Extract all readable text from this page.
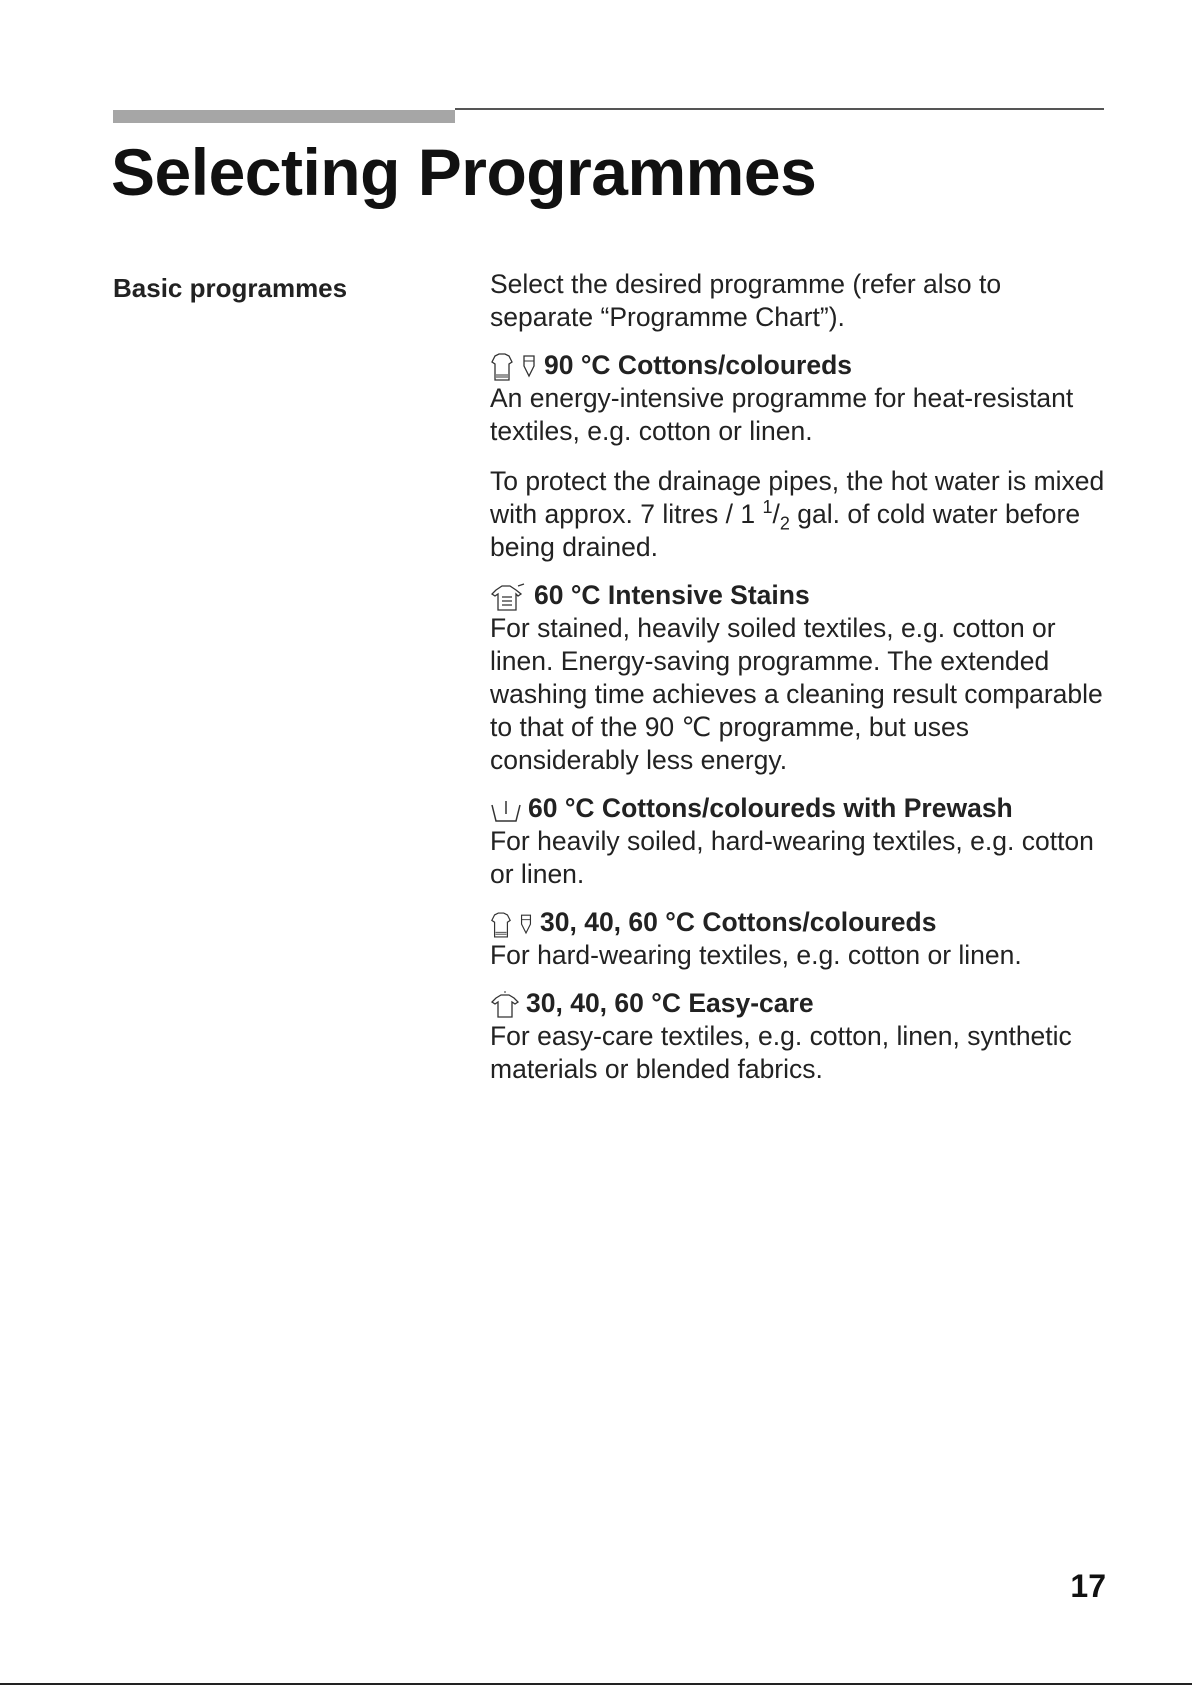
Selecting Programmes
Basic programmes	Select the desired programme (refer also to separate “Programme Chart”).

90 °C Cottons/coloureds

An energy-intensive programme for heat-resistant textiles, e.g. cotton or linen.

To protect the drainage pipes, the hot water is mixed with approx. 7 litres / 1 $^1/_2$ gal. of cold water before being drained.

60 °C Intensive Stains

For stained, heavily soiled textiles, e.g. cotton or linen. Energy-saving programme. The extended washing time achieves a cleaning result comparable to that of the 90 ℃ programme, but uses considerably less energy.

60 °C Cottons/coloureds with Prewash

For heavily soiled, hard-wearing textiles, e.g. cotton or linen.

30, 40, 60 °C Cottons/coloureds

For hard-wearing textiles, e.g. cotton or linen.

30, 40, 60 °C Easy-care

For easy-care textiles, e.g. cotton, linen, synthetic materials or blended fabrics.

17
